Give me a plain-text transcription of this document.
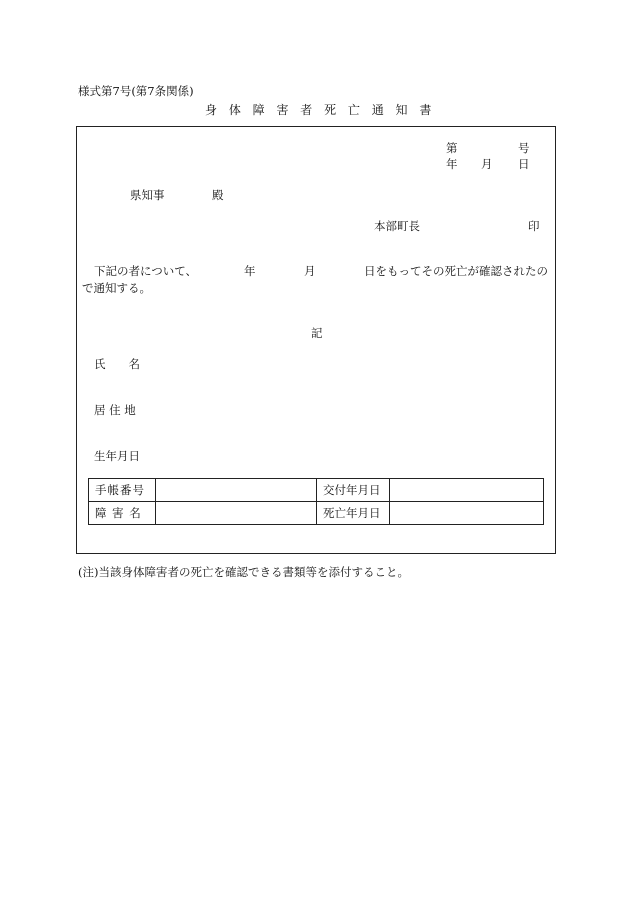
様式第7号(第7条関係)
身 体 障 害 者 死 亡 通 知 書
第	号
年 月 日
県知事	殿
本部町長	印
下記の者について、	年	月	日をもってその死亡が確認されたの
で通知する。
記
氏　　名
居 住 地
生年月日
手帳番号		交付年月日	
障 害 名		死亡年月日	
(注)当該身体障害者の死亡を確認できる書類等を添付すること。
